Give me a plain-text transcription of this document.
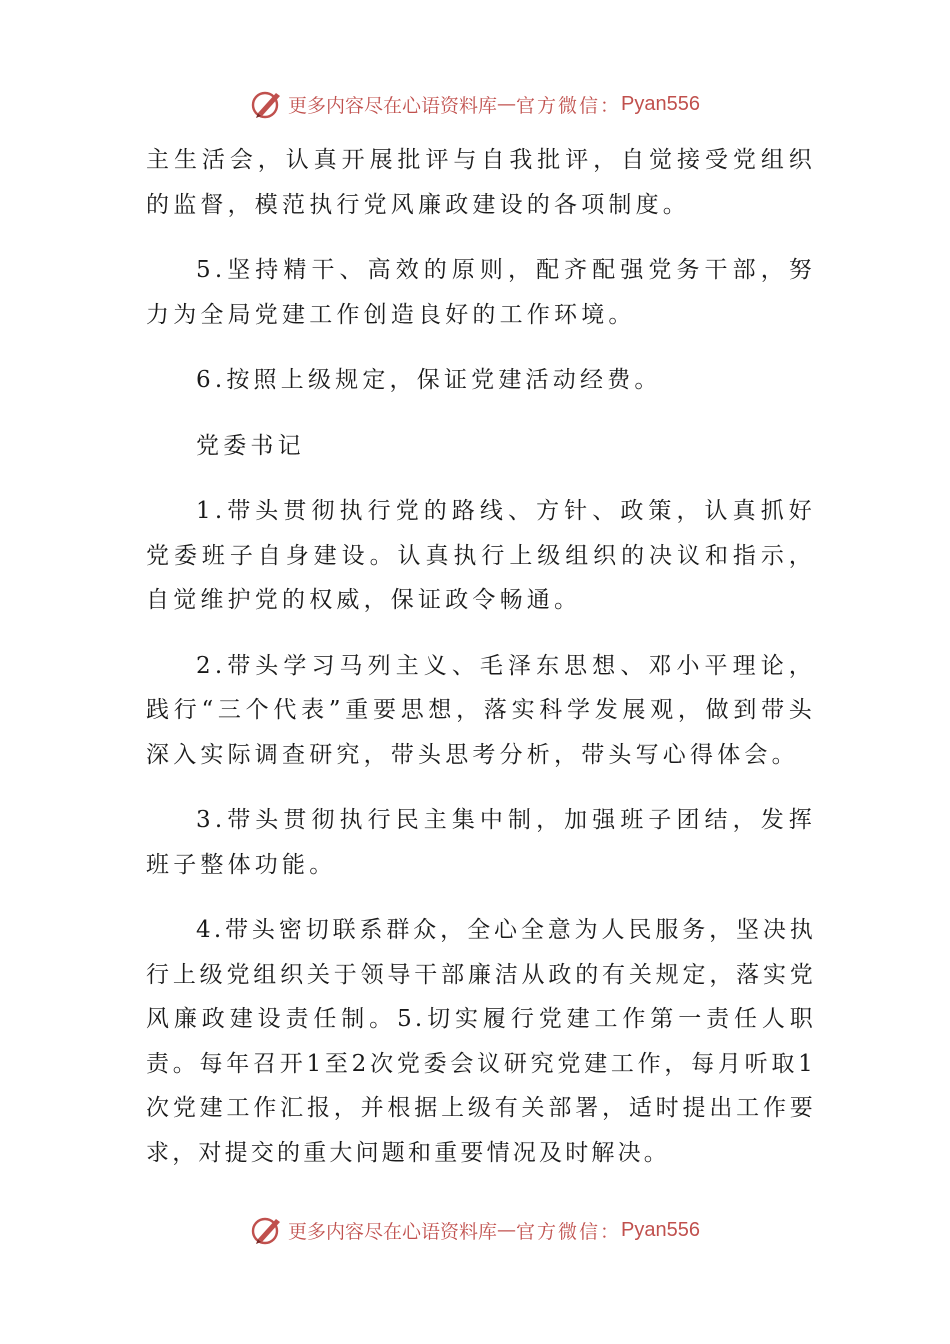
更多内容尽在心语资料库 — 官方微信： Pyan556

主生活会，认真开展批评与自我批评，自觉接受党组织的监督，模范执行党风廉政建设的各项制度。

5.坚持精干、高效的原则，配齐配强党务干部，努力为全局党建工作创造良好的工作环境。

6.按照上级规定，保证党建活动经费。

党委书记

1.带头贯彻执行党的路线、方针、政策，认真抓好党委班子自身建设。认真执行上级组织的决议和指示，自觉维护党的权威，保证政令畅通。

2.带头学习马列主义、毛泽东思想、邓小平理论，践行“三个代表”重要思想，落实科学发展观，做到带头深入实际调查研究，带头思考分析，带头写心得体会。

3.带头贯彻执行民主集中制，加强班子团结，发挥班子整体功能。

4.带头密切联系群众，全心全意为人民服务，坚决执行上级党组织关于领导干部廉洁从政的有关规定，落实党风廉政建设责任制。5.切实履行党建工作第一责任人职责。每年召开1至2次党委会议研究党建工作，每月听取1次党建工作汇报，并根据上级有关部署，适时提出工作要求，对提交的重大问题和重要情况及时解决。

更多内容尽在心语资料库 — 官方微信： Pyan556
